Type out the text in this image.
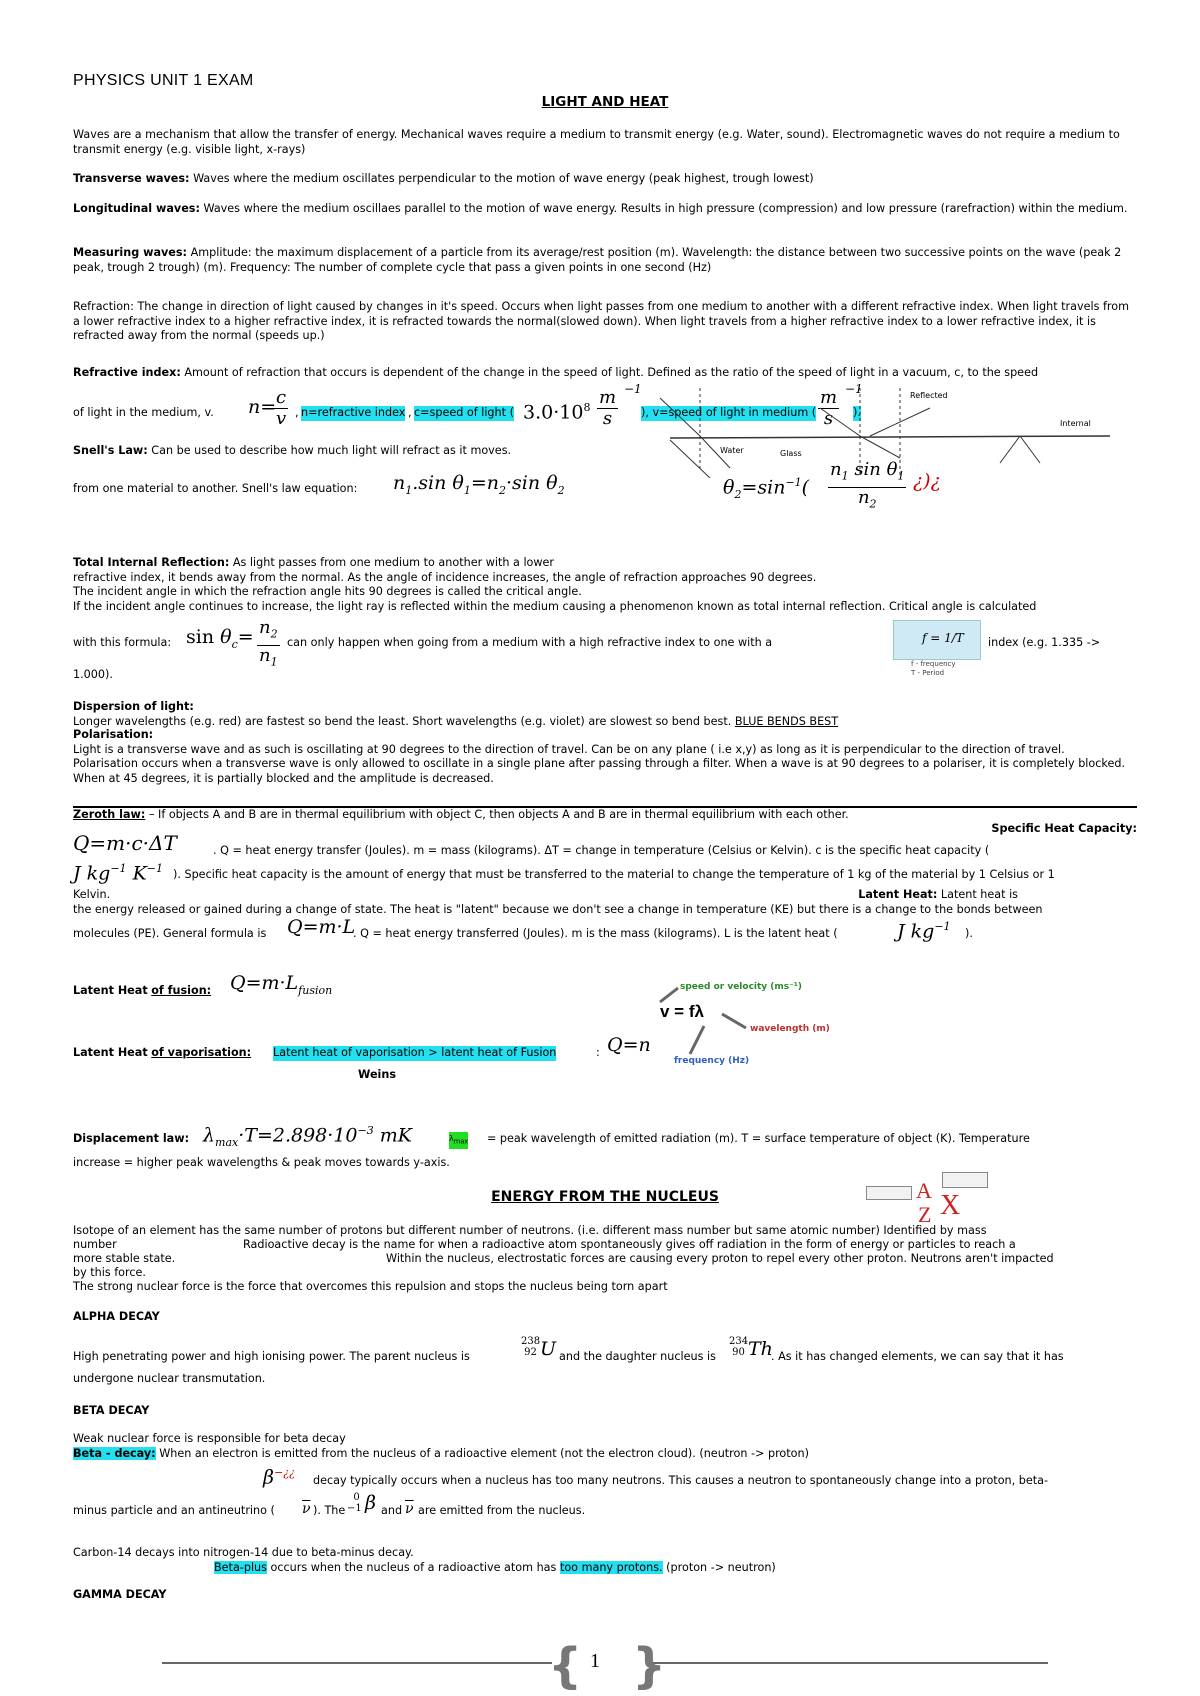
PHYSICS UNIT 1 EXAM
LIGHT AND HEAT

Waves are a mechanism that allow the transfer of energy. Mechanical waves require a medium to transmit energy (e.g. Water, sound). Electromagnetic waves do not require a medium to transmit energy (e.g. visible light, x-rays)

Transverse waves: Waves where the medium oscillates perpendicular to the motion of wave energy (peak highest, trough lowest)

Longitudinal waves: Waves where the medium oscillaes parallel to the motion of wave energy. Results in high pressure (compression) and low pressure (rarefraction) within the medium.

Measuring waves: Amplitude: the maximum displacement of a particle from its average/rest position (m). Wavelength: the distance between two successive points on the wave (peak 2 peak, trough 2 trough) (m). Frequency: The number of complete cycle that pass a given points in one second (Hz)

Refraction: The change in direction of light caused by changes in it's speed. Occurs when light passes from one medium to another with a different refractive index. When light travels from a lower refractive index to a higher refractive index, it is refracted towards the normal(slowed down). When light travels from a higher refractive index to a lower refractive index, it is refracted away from the normal (speeds up.)

Refractive index: Amount of refraction that occurs is dependent of the change in the speed of light. Defined as the ratio of the speed of light in a vacuum, c, to the speed

of light in the medium, v. n=
$\frac{c}{v}$ , n=refractive index , c=speed of light ( $3.0\cdot 10^8 \frac{m}{s} -1$
), v=speed of light in medium ( $\frac{m}{s} -1$
).

Snell's Law: Can be used to describe how much light will refract as it moves.

from one material to another. Snell's law equation: $n_1.\sin$ $\theta_1=n_2\cdot\sin$ $\theta_2$	$\theta_2=\sin^{-1}( \frac{n_1 \sin \theta_1}{n_2}$ ¿)¿
Water	Glass
Reflected
Internal
Total Internal Reflection: As light passes from one medium to another with a lower
refractive index, it bends away from the normal. As the angle of incidence increases, the angle of refraction approaches 90 degrees.
The incident angle in which the refraction angle hits 90 degrees is called the critical angle.
If the incident angle continues to increase, the light ray is reflected within the medium causing a phenomenon known as total internal reflection. Critical angle is calculated
with this formula: $\sin \theta_c= \frac{n_2}{n_1}$ can only happen when going from a medium with a high refractive index to one with a	f = 1/T
f - frequency
T - Period
index (e.g. 1.335 ->
1.000).
Dispersion of light:
Longer wavelengths (e.g. red) are fastest so bend the least. Short wavelengths (e.g. violet) are slowest so bend best. BLUE BENDS BEST
Polarisation:
Light is a transverse wave and as such is oscillating at 90 degrees to the direction of travel. Can be on any plane ( i.e x,y) as long as it is perpendicular to the direction of travel.
Polarisation occurs when a transverse wave is only allowed to oscillate in a single plane after passing through a filter. When a wave is at 90 degrees to a polariser, it is completely blocked. When at 45 degrees, it is partially blocked and the amplitude is decreased.

Zeroth law: – If objects A and B are in thermal equilibrium with object C, then objects A and B are in thermal equilibrium with each other.

Specific Heat Capacity:
Q=m·c·ΔT	. Q = heat energy transfer (Joules). m = mass (kilograms). ΔT = change in temperature (Celsius or Kelvin). c is the specific heat capacity (
J $kg^{-1}$ $K^{-1}$ ). Specific heat capacity is the amount of energy that must be transferred to the material to change the temperature of 1 kg of the material by 1 Celsius or 1
Kelvin.	Latent Heat: Latent heat is
the energy released or gained during a change of state. The heat is "latent" because we don't see a change in temperature (KE) but there is a change to the bonds between
molecules (PE). General formula is Q=m·L
. Q = heat energy transferred (Joules). m is the mass (kilograms). L is the latent heat (	J $kg^{-1}$
).
Latent Heat of fusion: $Q=m\cdot L_{fusion}$	speed or velocity (ms⁻¹)
v = fλ
wavelength (m)
frequency (Hz)
Latent Heat of vaporisation: Latent heat of vaporisation > latent heat of Fusion	: Q=n
Weins
Displacement law: $\lambda_{max}\cdot T=2.898\cdot 10^{-3}$ mK	$\lambda_{max}$ = peak wavelength of emitted radiation (m). T = surface temperature of object (K). Temperature
increase = higher peak wavelengths & peak moves towards y-axis.
ENERGY FROM THE NUCLEUS	A
Z X
Isotope of an element has the same number of protons but different number of neutrons. (i.e. different mass number but same atomic number) Identified by mass
number	Radioactive decay is the name for when a radioactive atom spontaneously gives off radiation in the form of energy or particles to reach a
more stable state.	Within the nucleus, electrostatic forces are causing every proton to repel every other proton. Neutrons aren't impacted
by this force.
The strong nuclear force is the force that overcomes this repulsion and stops the nucleus being torn apart
ALPHA DECAY
High penetrating power and high ionising power. The parent nucleus is
238
92 U and the daughter nucleus is
234
90 Th
. As it has changed elements, we can say that it has
undergone nuclear transmutation.
BETA DECAY
Weak nuclear force is responsible for beta decay
Beta - decay: When an electron is emitted from the nucleus of a radioactive element (not the electron cloud). (neutron -> proton)
β−¿¿
decay typically occurs when a nucleus has too many neutrons. This causes a neutron to spontaneously change into a proton, beta-
minus particle and an antineutrino ( $\overline{\nu}$ ). The
0
−1 β and $\overline{\nu}$ are emitted from the nucleus.
Carbon-14 decays into nitrogen-14 due to beta-minus decay.
Beta-plus occurs when the nucleus of a radioactive atom has too many protons. (proton -> neutron)
GAMMA DECAY
{ }
1
